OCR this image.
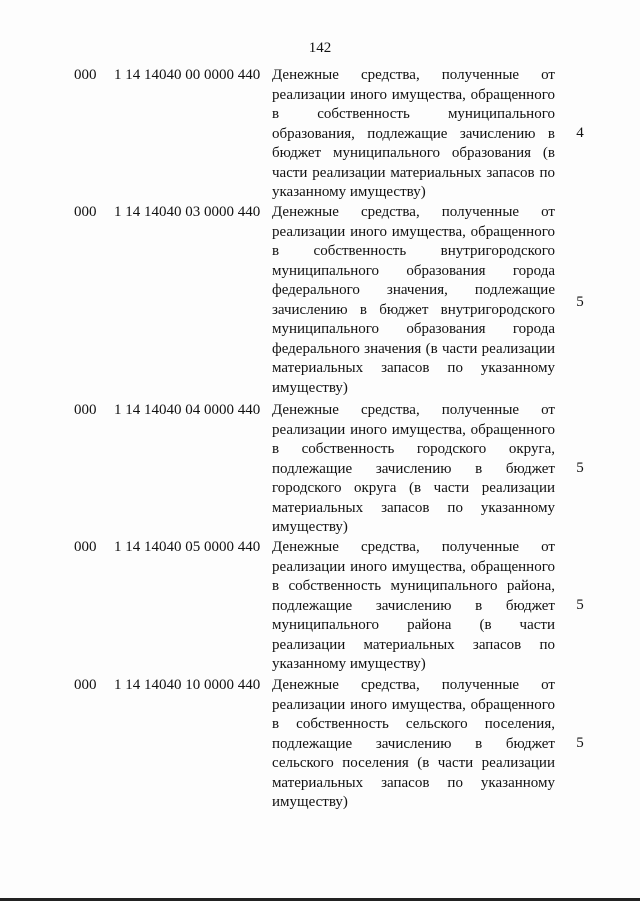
142
000	1 14 14040 00 0000 440 Денежные средства, полученные от реализации иного имущества, обращенного в собственность муниципального образования, подлежащие зачислению в бюджет муниципального образования (в части реализации материальных запасов по указанному имуществу)
4
000	1 14 14040 03 0000 440 Денежные средства, полученные от реализации иного имущества, обращенного в собственность внутригородского муниципального образования города федерального значения, подлежащие зачислению в бюджет внутригородского муниципального образования города федерального значения (в части реализации материальных запасов по указанному имуществу)
5
000	1 14 14040 04 0000 440 Денежные средства, полученные от реализации иного имущества, обращенного в собственность городского округа, подлежащие зачислению в бюджет городского округа (в части реализации материальных запасов по указанному имуществу)
5
000	1 14 14040 05 0000 440 Денежные средства, полученные от реализации иного имущества, обращенного в собственность муниципального района, подлежащие зачислению в бюджет муниципального района (в части реализации материальных запасов по указанному имуществу)
5
000	1 14 14040 10 0000 440 Денежные средства, полученные от реализации иного имущества, обращенного в собственность сельского поселения, подлежащие зачислению в бюджет сельского поселения (в части реализации материальных запасов по указанному имуществу)
5
